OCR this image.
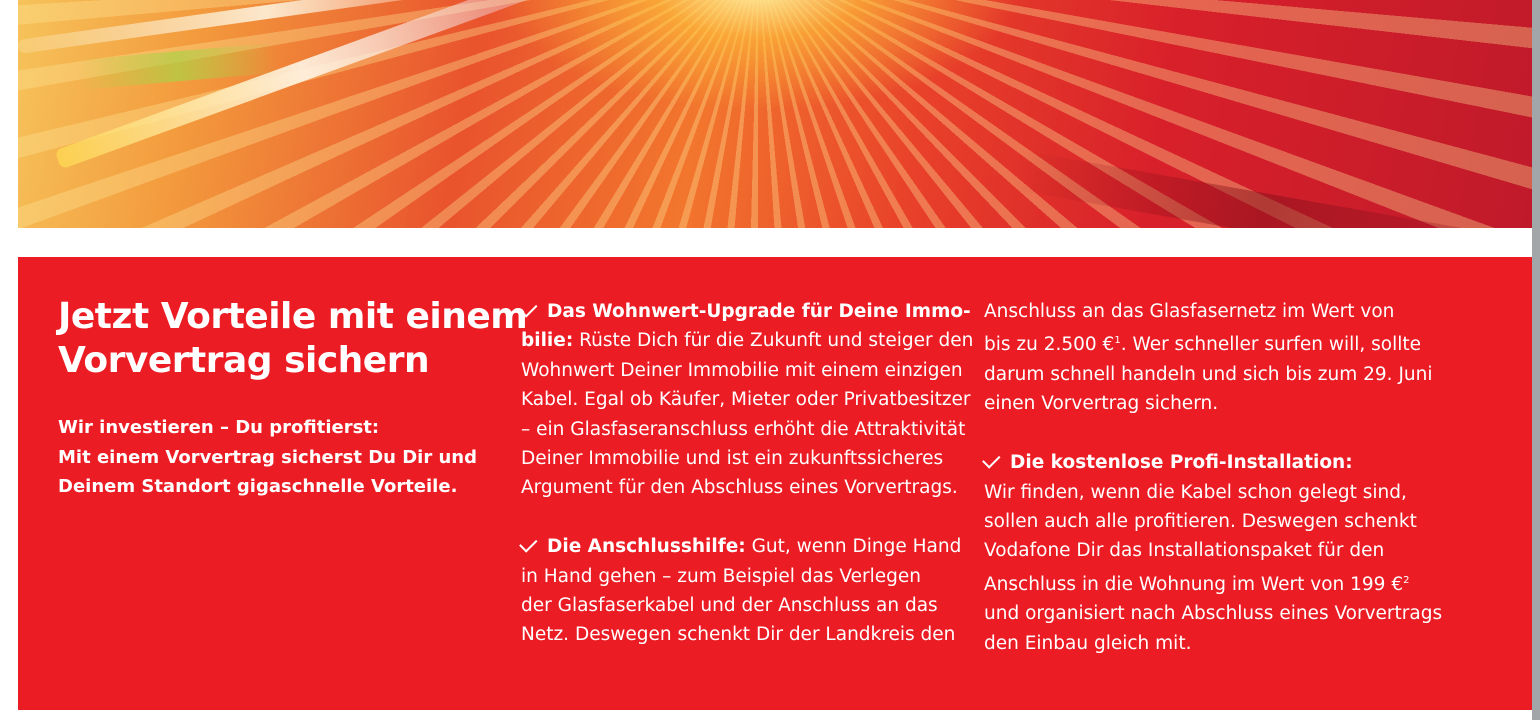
Jetzt Vorteile mit einem
Vorvertrag sichern
Wir investieren – Du profitierst:
Mit einem Vorvertrag sicherst Du Dir und
Deinem Standort gigaschnelle Vorteile.
Das Wohnwert-Upgrade für Deine Immo-
bilie: Rüste Dich für die Zukunft und steiger den
Wohnwert Deiner Immobilie mit einem einzigen
Kabel. Egal ob Käufer, Mieter oder Privatbesitzer
– ein Glasfaseranschluss erhöht die Attraktivität
Deiner Immobilie und ist ein zukunftssicheres
Argument für den Abschluss eines Vorvertrags.
Die Anschlusshilfe: Gut, wenn Dinge Hand
in Hand gehen – zum Beispiel das Verlegen
der Glasfaserkabel und der Anschluss an das
Netz. Deswegen schenkt Dir der Landkreis den
Anschluss an das Glasfasernetz im Wert von
bis zu 2.500 €$^1$. Wer schneller surfen will, sollte
darum schnell handeln und sich bis zum 29. Juni
einen Vorvertrag sichern.
Die kostenlose Profi-Installation:
Wir finden, wenn die Kabel schon gelegt sind,
sollen auch alle profitieren. Deswegen schenkt
Vodafone Dir das Installationspaket für den
Anschluss in die Wohnung im Wert von 199 €$^2$
und organisiert nach Abschluss eines Vorvertrags
den Einbau gleich mit.
